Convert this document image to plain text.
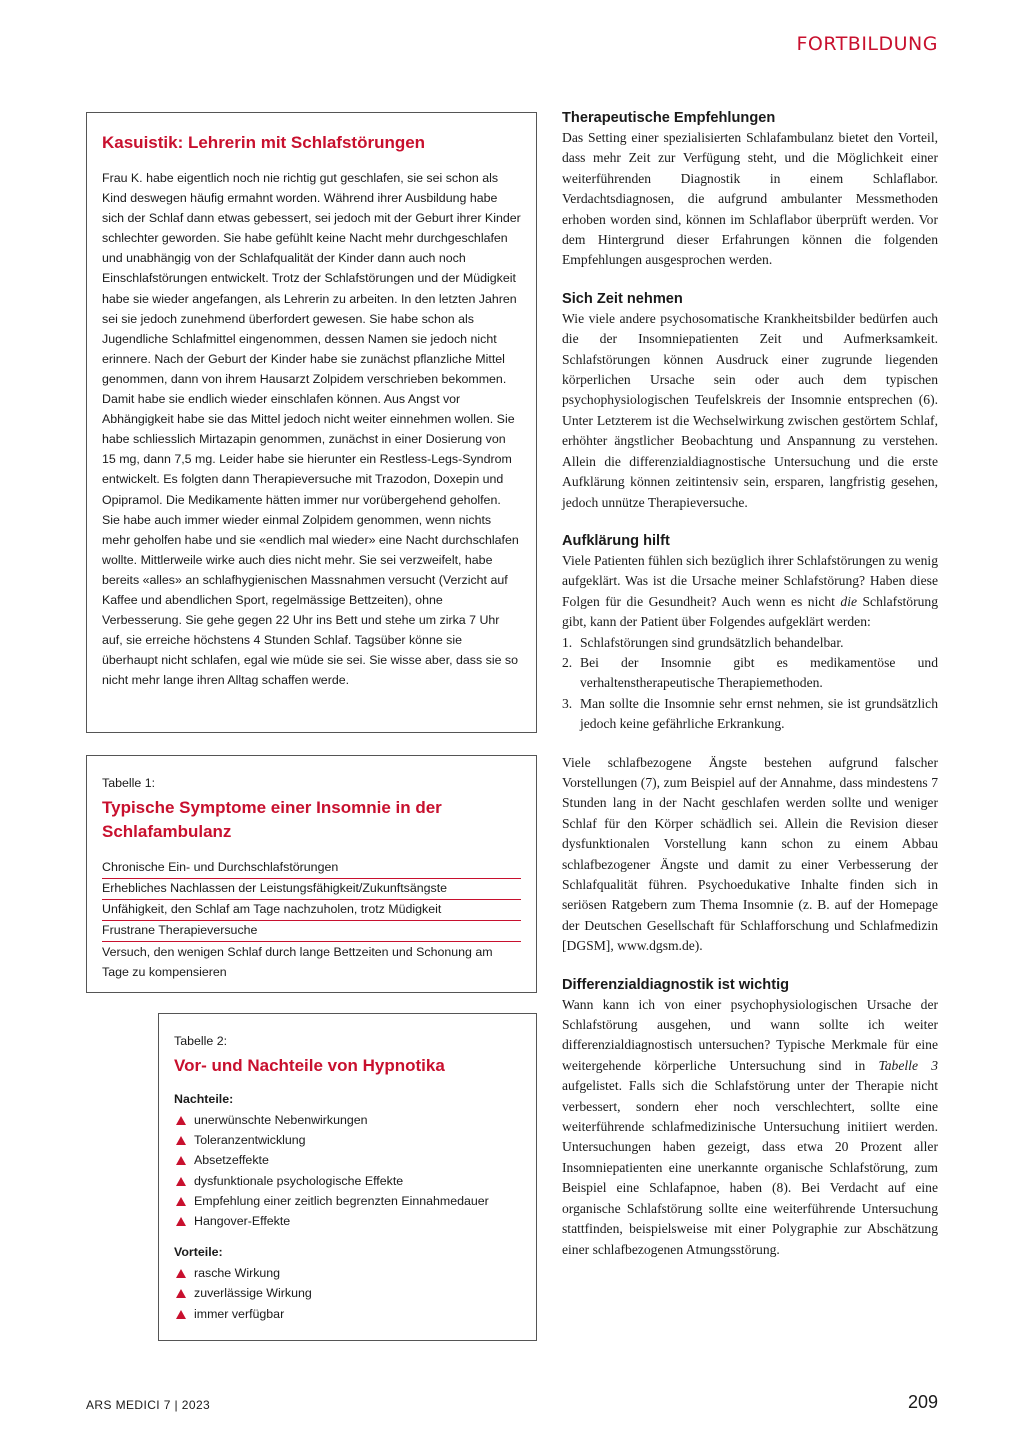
FORTBILDUNG
Kasuistik: Lehrerin mit Schlafstörungen

Frau K. habe eigentlich noch nie richtig gut geschlafen, sie sei schon als Kind deswegen häufig ermahnt worden. Während ihrer Ausbildung habe sich der Schlaf dann etwas gebessert, sei jedoch mit der Geburt ihrer Kinder schlechter geworden. Sie habe gefühlt keine Nacht mehr durchgeschlafen und unabhängig von der Schlafqualität der Kinder dann auch noch Einschlafstörungen entwickelt. Trotz der Schlafstörungen und der Müdigkeit habe sie wieder angefangen, als Lehrerin zu arbeiten. In den letzten Jahren sei sie jedoch zunehmend überfordert gewesen. Sie habe schon als Jugendliche Schlafmittel eingenommen, dessen Namen sie jedoch nicht erinnere. Nach der Geburt der Kinder habe sie zunächst pflanzliche Mittel genommen, dann von ihrem Hausarzt Zolpidem verschrieben bekommen. Damit habe sie endlich wieder einschlafen können. Aus Angst vor Abhängigkeit habe sie das Mittel jedoch nicht weiter einnehmen wollen. Sie habe schliesslich Mirtazapin genommen, zunächst in einer Dosierung von 15 mg, dann 7,5 mg. Leider habe sie hierunter ein Restless-Legs-Syndrom entwickelt. Es folgten dann Therapieversuche mit Trazodon, Doxepin und Opipramol. Die Medikamente hätten immer nur vorübergehend geholfen. Sie habe auch immer wieder einmal Zolpidem genommen, wenn nichts mehr geholfen habe und sie «endlich mal wieder» eine Nacht durchschlafen wollte. Mittlerweile wirke auch dies nicht mehr. Sie sei verzweifelt, habe bereits «alles» an schlafhygienischen Massnahmen versucht (Verzicht auf Kaffee und abendlichen Sport, regelmässige Bettzeiten), ohne Verbesserung. Sie gehe gegen 22 Uhr ins Bett und stehe um zirka 7 Uhr auf, sie erreiche höchstens 4 Stunden Schlaf. Tagsüber könne sie überhaupt nicht schlafen, egal wie müde sie sei. Sie wisse aber, dass sie so nicht mehr lange ihren Alltag schaffen werde.

Tabelle 1:

Typische Symptome einer Insomnie in der Schlafambulanz

Chronische Ein- und Durchschlafstörungen

Erhebliches Nachlassen der Leistungsfähigkeit/Zukunftsängste

Unfähigkeit, den Schlaf am Tage nachzuholen, trotz Müdigkeit

Frustrane Therapieversuche

Versuch, den wenigen Schlaf durch lange Bettzeiten und Schonung am Tage zu kompensieren

Tabelle 2:

Vor- und Nachteile von Hypnotika

Nachteile:

unerwünschte Nebenwirkungen
Toleranzentwicklung
Absetzeffekte
dysfunktionale psychologische Effekte
Empfehlung einer zeitlich begrenzten Einnahmedauer
Hangover-Effekte

Vorteile:

rasche Wirkung
zuverlässige Wirkung
immer verfügbar
Therapeutische Empfehlungen

Das Setting einer spezialisierten Schlafambulanz bietet den Vorteil, dass mehr Zeit zur Verfügung steht, und die Möglichkeit einer weiterführenden Diagnostik in einem Schlaflabor. Verdachtsdiagnosen, die aufgrund ambulanter Messmethoden erhoben worden sind, können im Schlaflabor überprüft werden. Vor dem Hintergrund dieser Erfahrungen können die folgenden Empfehlungen ausgesprochen werden.

Sich Zeit nehmen

Wie viele andere psychosomatische Krankheitsbilder bedürfen auch die der Insomniepatienten Zeit und Aufmerksamkeit. Schlafstörungen können Ausdruck einer zugrunde liegenden körperlichen Ursache sein oder auch dem typischen psychophysiologischen Teufelskreis der Insomnie entsprechen (6). Unter Letzterem ist die Wechselwirkung zwischen gestörtem Schlaf, erhöhter ängstlicher Beobachtung und Anspannung zu verstehen. Allein die differenzialdiagnostische Untersuchung und die erste Aufklärung können zeitintensiv sein, ersparen, langfristig gesehen, jedoch unnütze Therapieversuche.

Aufklärung hilft

Viele Patienten fühlen sich bezüglich ihrer Schlafstörungen zu wenig aufgeklärt. Was ist die Ursache meiner Schlafstörung? Haben diese Folgen für die Gesundheit? Auch wenn es nicht die Schlafstörung gibt, kann der Patient über Folgendes aufgeklärt werden:

1. Schlafstörungen sind grundsätzlich behandelbar.
2. Bei der Insomnie gibt es medikamentöse und verhaltenstherapeutische Therapiemethoden.
3. Man sollte die Insomnie sehr ernst nehmen, sie ist grundsätzlich jedoch keine gefährliche Erkrankung.

Viele schlafbezogene Ängste bestehen aufgrund falscher Vorstellungen (7), zum Beispiel auf der Annahme, dass mindestens 7 Stunden lang in der Nacht geschlafen werden sollte und weniger Schlaf für den Körper schädlich sei. Allein die Revision dieser dysfunktionalen Vorstellung kann schon zu einem Abbau schlafbezogener Ängste und damit zu einer Verbesserung der Schlafqualität führen. Psychoedukative Inhalte finden sich in seriösen Ratgebern zum Thema Insomnie (z. B. auf der Homepage der Deutschen Gesellschaft für Schlafforschung und Schlafmedizin [DGSM], www.dgsm.de).

Differenzialdiagnostik ist wichtig

Wann kann ich von einer psychophysiologischen Ursache der Schlafstörung ausgehen, und wann sollte ich weiter differenzialdiagnostisch untersuchen? Typische Merkmale für eine weitergehende körperliche Untersuchung sind in Tabelle 3 aufgelistet. Falls sich die Schlafstörung unter der Therapie nicht verbessert, sondern eher noch verschlechtert, sollte eine weiterführende schlafmedizinische Untersuchung initiiert werden. Untersuchungen haben gezeigt, dass etwa 20 Prozent aller Insomniepatienten eine unerkannte organische Schlafstörung, zum Beispiel eine Schlafapnoe, haben (8). Bei Verdacht auf eine organische Schlafstörung sollte eine weiterführende Untersuchung stattfinden, beispielsweise mit einer Polygraphie zur Abschätzung einer schlafbezogenen Atmungsstörung.

ARS MEDICI 7 | 2023	209
